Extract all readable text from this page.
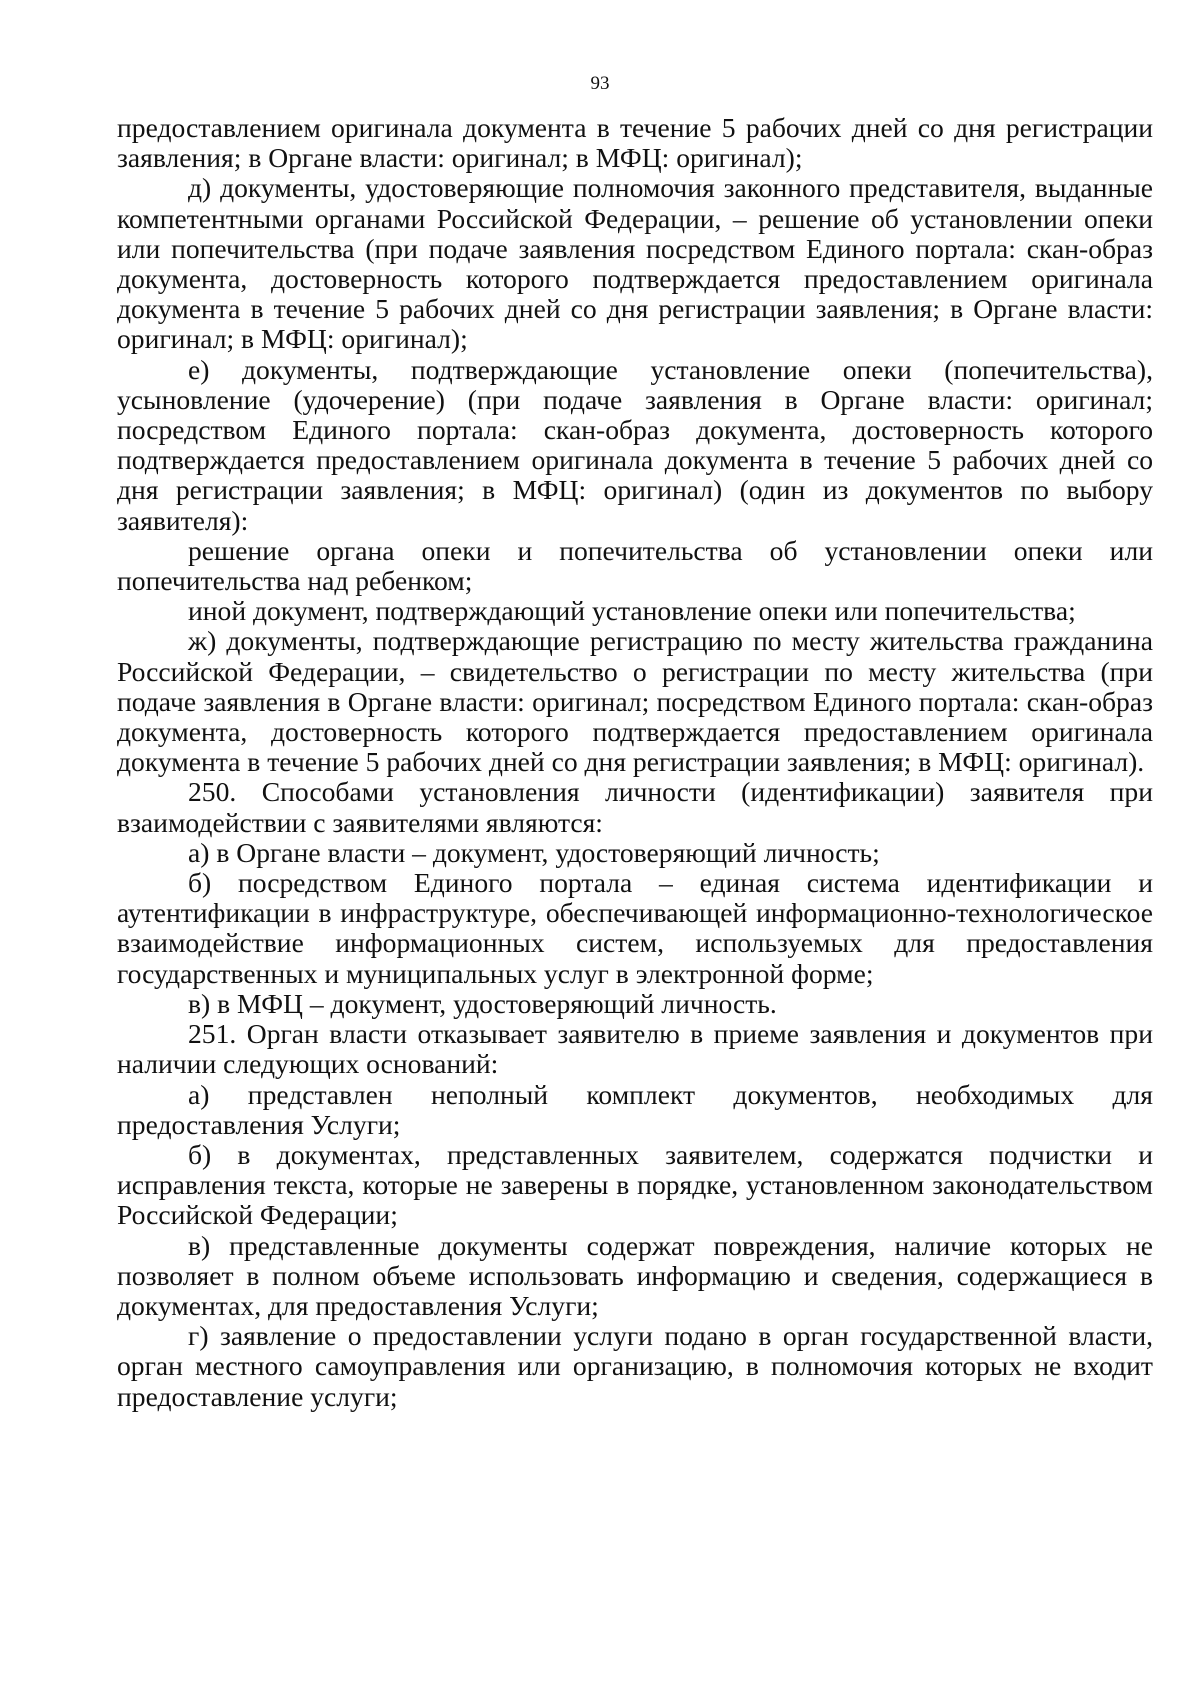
93

предоставлением оригинала документа в течение 5 рабочих дней со дня регистрации заявления; в Органе власти: оригинал; в МФЦ: оригинал);

д) документы, удостоверяющие полномочия законного представителя, выданные компетентными органами Российской Федерации, – решение об установлении опеки или попечительства (при подаче заявления посредством Единого портала: скан-образ документа, достоверность которого подтверждается предоставлением оригинала документа в течение 5 рабочих дней со дня регистрации заявления; в Органе власти: оригинал; в МФЦ: оригинал);

е) документы, подтверждающие установление опеки (попечительства), усыновление (удочерение) (при подаче заявления в Органе власти: оригинал; посредством Единого портала: скан-образ документа, достоверность которого подтверждается предоставлением оригинала документа в течение 5 рабочих дней со дня регистрации заявления; в МФЦ: оригинал) (один из документов по выбору заявителя):

решение органа опеки и попечительства об установлении опеки или попечительства над ребенком;

иной документ, подтверждающий установление опеки или попечительства;

ж) документы, подтверждающие регистрацию по месту жительства гражданина Российской Федерации, – свидетельство о регистрации по месту жительства (при подаче заявления в Органе власти: оригинал; посредством Единого портала: скан-образ документа, достоверность которого подтверждается предоставлением оригинала документа в течение 5 рабочих дней со дня регистрации заявления; в МФЦ: оригинал).

250. Способами установления личности (идентификации) заявителя при взаимодействии с заявителями являются:

а) в Органе власти – документ, удостоверяющий личность;

б) посредством Единого портала – единая система идентификации и аутентификации в инфраструктуре, обеспечивающей информационно-технологическое взаимодействие информационных систем, используемых для предоставления государственных и муниципальных услуг в электронной форме;

в) в МФЦ – документ, удостоверяющий личность.

251. Орган власти отказывает заявителю в приеме заявления и документов при наличии следующих оснований:

а) представлен неполный комплект документов, необходимых для предоставления Услуги;

б) в документах, представленных заявителем, содержатся подчистки и исправления текста, которые не заверены в порядке, установленном законодательством Российской Федерации;

в) представленные документы содержат повреждения, наличие которых не позволяет в полном объеме использовать информацию и сведения, содержащиеся в документах, для предоставления Услуги;

г) заявление о предоставлении услуги подано в орган государственной власти, орган местного самоуправления или организацию, в полномочия которых не входит предоставление услуги;
